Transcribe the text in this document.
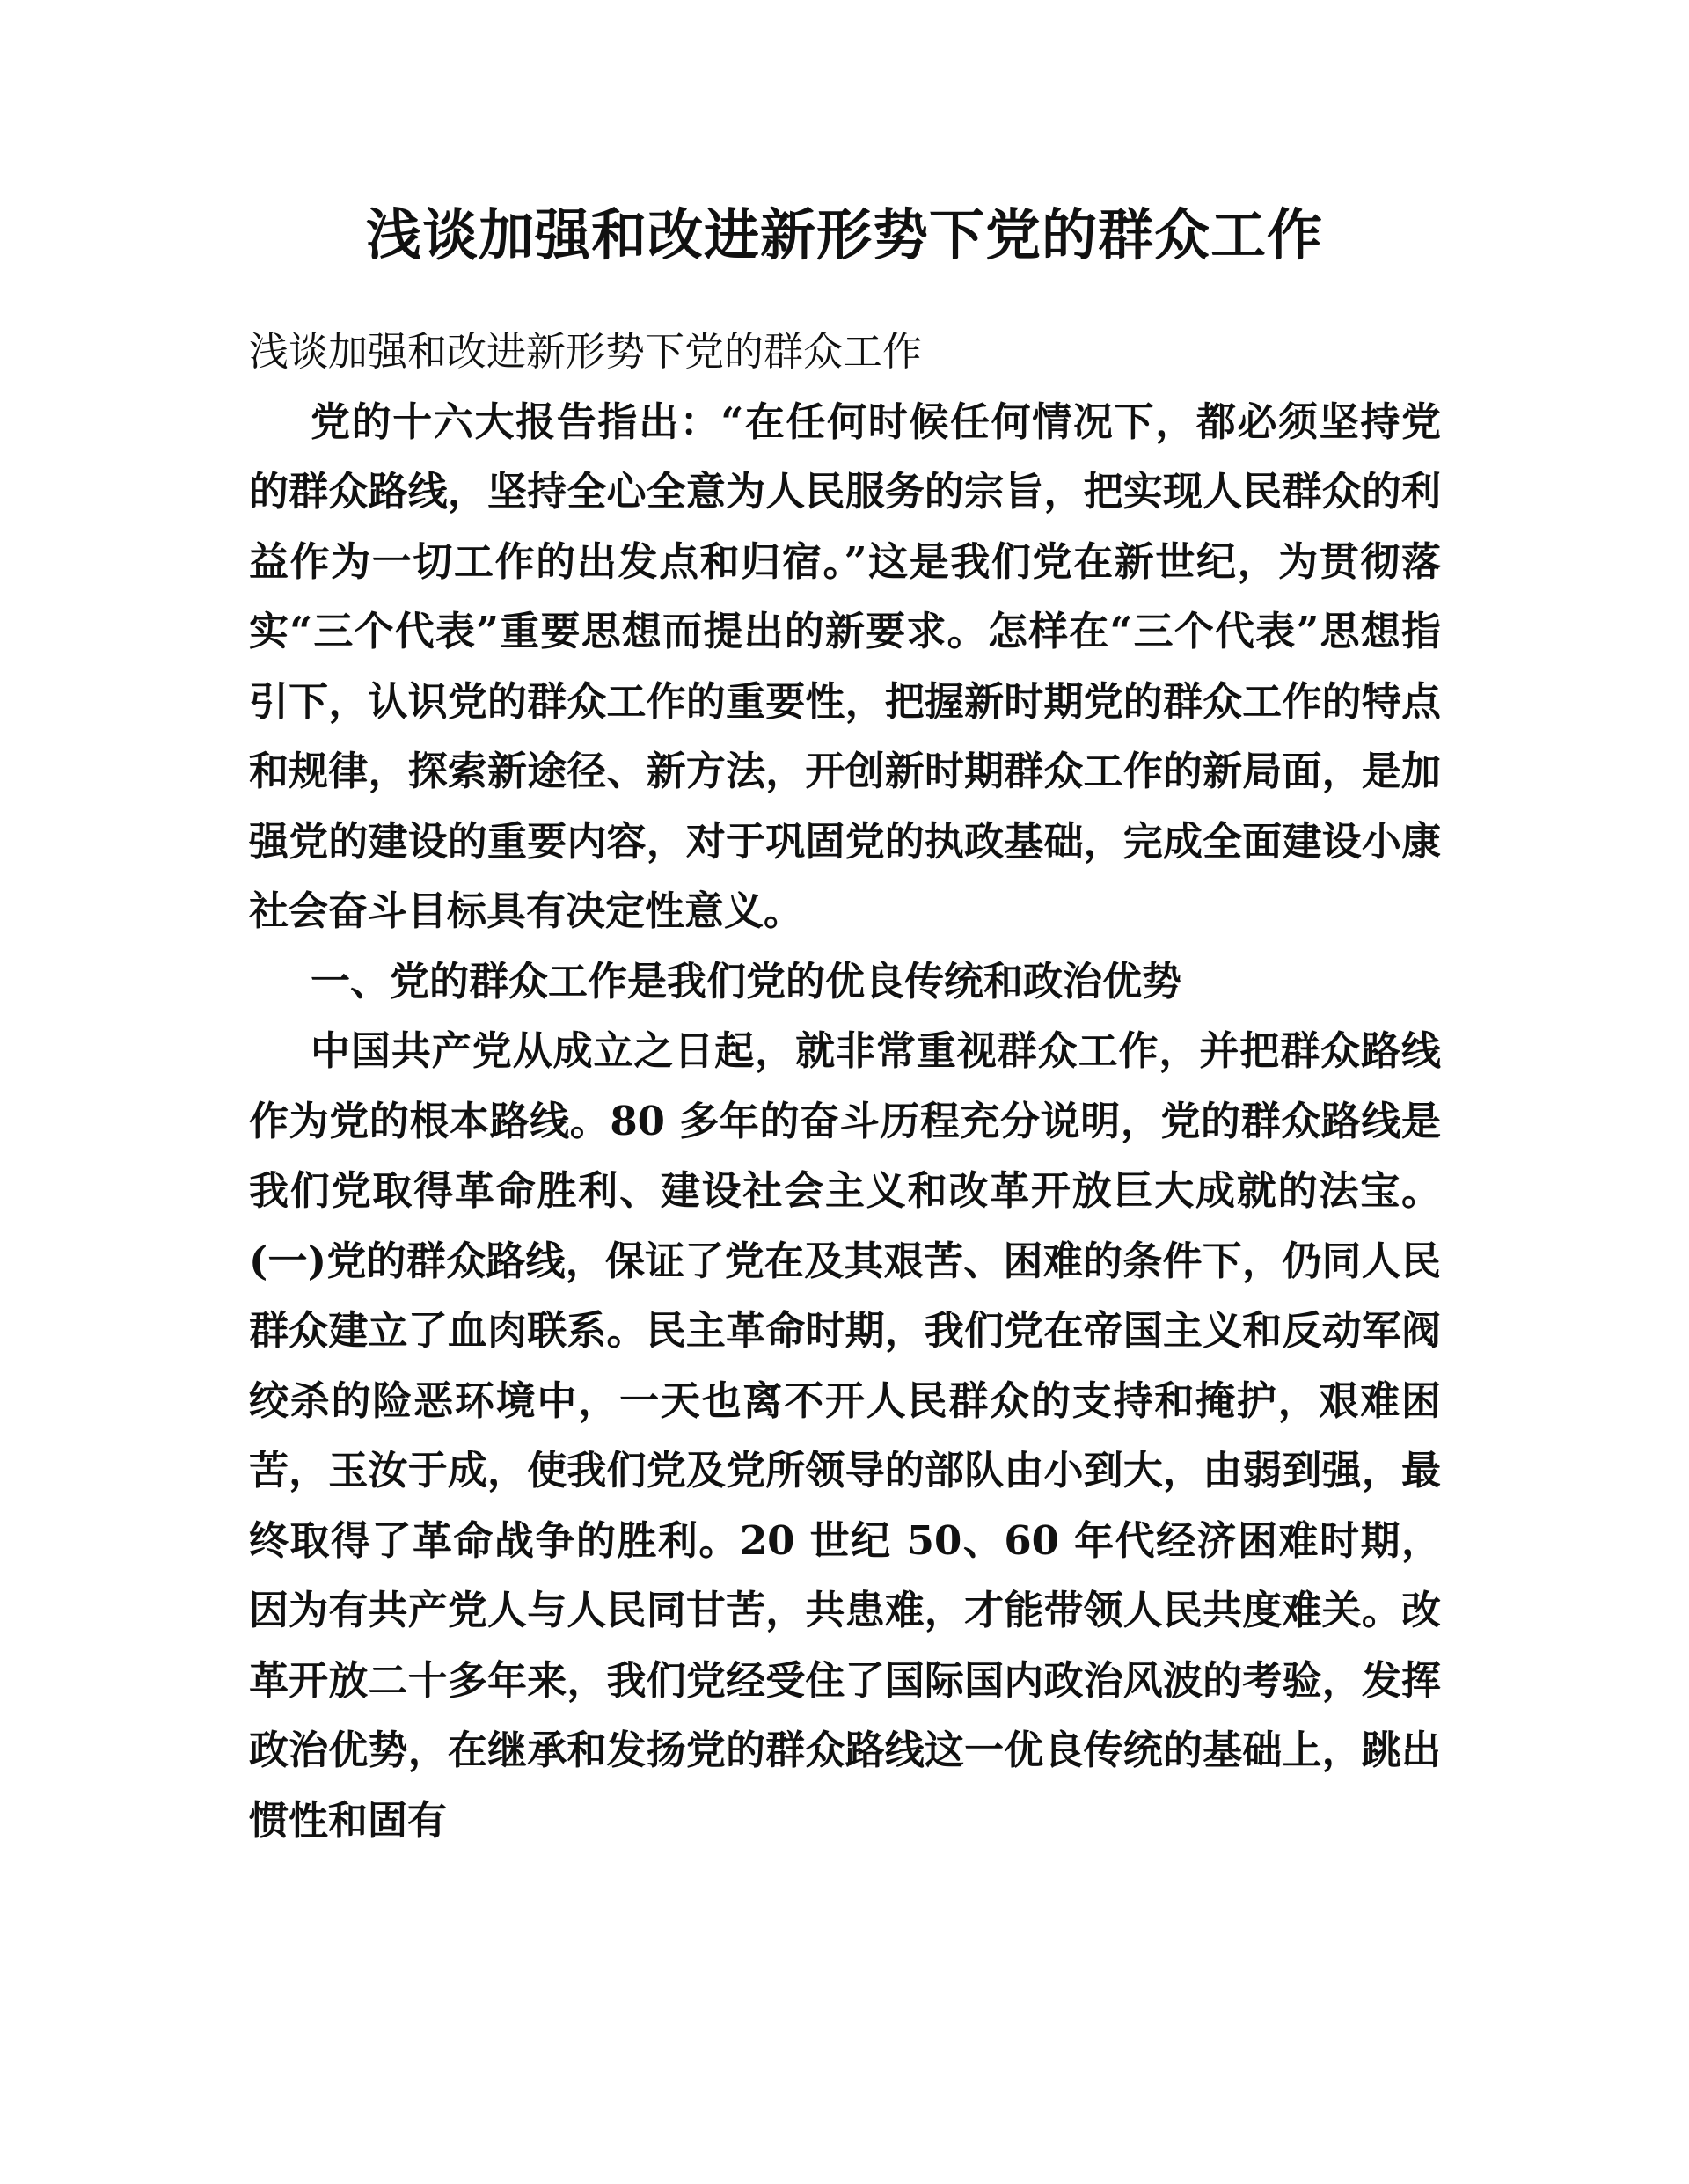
浅谈加强和改进新形势下党的群众工作

浅谈加强和改进新形势下党的群众工作

党的十六大报告指出：“在任何时候任何情况下，都必须坚持党的群众路线，坚持全心全意为人民服务的宗旨，把实现人民群众的利益作为一切工作的出发点和归宿。”这是我们党在新世纪，为贯彻落实“三个代表”重要思想而提出的新要求。怎样在“三个代表”思想指引下，认识党的群众工作的重要性，把握新时期党的群众工作的特点和规律，探索新途径、新方法，开创新时期群众工作的新局面，是加强党的建设的重要内容，对于巩固党的执政基础，完成全面建设小康社会奋斗目标具有决定性意义。

一、党的群众工作是我们党的优良传统和政治优势

中国共产党从成立之日起，就非常重视群众工作，并把群众路线作为党的根本路线。80 多年的奋斗历程充分说明，党的群众路线是我们党取得革命胜利、建设社会主义和改革开放巨大成就的法宝。(一)党的群众路线，保证了党在及其艰苦、困难的条件下，仍同人民群众建立了血肉联系。民主革命时期，我们党在帝国主义和反动军阀绞杀的险恶环境中，一天也离不开人民群众的支持和掩护，艰难困苦，玉汝于成，使我们党及党所领导的部队由小到大，由弱到强，最终取得了革命战争的胜利。20 世纪 50、60 年代经济困难时期，因为有共产党人与人民同甘苦，共患难，才能带领人民共度难关。改革开放二十多年来，我们党经受住了国际国内政治风波的考验，发挥政治优势，在继承和发扬党的群众路线这一优良传统的基础上，跳出惯性和固有
